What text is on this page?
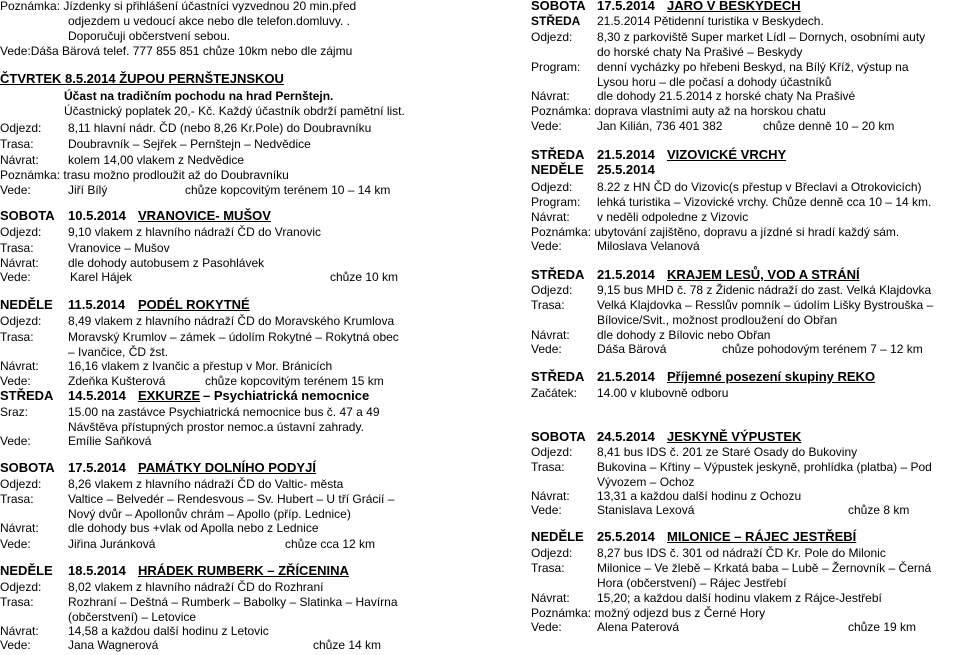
Poznámka: Jízdenky si přihlášení účastníci vyzvednou 20 min.před
odjezdem u vedoucí akce nebo dle telefon.domluvy. .
Doporučuji občerstvení sebou.
Vede:Dáša Bärová telef. 777 855 851 chůze 10km nebo dle zájmu
ČTVRTEK 8.5.2014 ŽUPOU PERNŠTEJNSKOU
Účast na tradičním pochodu na hrad Pernštejn.
Účastnický poplatek 20,- Kč. Každý účastník obdrží pamětní list.
Odjezd: 8,11 hlavní nádr. ČD (nebo 8,26 Kr.Pole) do Doubravníku
Trasa:	Doubravník – Sejřek – Pernštejn – Nedvědice
Návrat: kolem 14,00 vlakem z Nedvědice
Poznámka: trasu možno prodloužit až do Doubravníku
Vede:	Jiří Bílý	chůze kopcovitým terénem 10 – 14 km
SOBOTA 10.5.2014 VRANOVICE- MUŠOV
Odjezd: 9,10 vlakem z hlavního nádraží ČD do Vranovic
Trasa:	Vranovice – Mušov
Návrat: dle dohody autobusem z Pasohlávek
Vede:	Karel Hájek	chůze 10 km
NEDĚLE 11.5.2014 PODÉL ROKYTNÉ
Odjezd: 8,49 vlakem z hlavního nádraží ČD do Moravského Krumlova
Trasa:	Moravský Krumlov – zámek – údolím Rokytné – Rokytná obec
– Ivančice, ČD žst.
Návrat: 16,16 vlakem z Ivančic a přestup v Mor. Bránicích
Vede:	Zdeňka Kušterová	chůze kopcovitým terénem 15 km
STŘEDA 14.5.2014 EXKURZE – Psychiatrická nemocnice
Sraz:	15.00 na zastávce Psychiatrická nemocnice bus č. 47 a 49
Návštěva přístupných prostor nemoc.a ústavní zahrady.
Vede:	Emílie Saňková
SOBOTA 17.5.2014 PAMÁTKY DOLNÍHO PODYJÍ
Odjezd: 8,26 vlakem z hlavního nádraží ČD do Valtic- města
Trasa:	Valtice – Belvedér – Rendesvous – Sv. Hubert – U tří Grácií –
Nový dvůr – Apollonův chrám – Apollo (příp. Lednice)
Návrat: dle dohody bus +vlak od Apolla nebo z Lednice
Vede:	Jiřina Juránková	chůze cca 12 km
NEDĚLE 18.5.2014 HRÁDEK RUMBERK – ZŘÍCENINA
Odjezd: 8,02 vlakem z hlavního nádraží ČD do Rozhraní
Trasa:	Rozhraní – Deštná – Rumberk – Babolky – Slatinka – Havírna
(občerstvení) – Letovice
Návrat: 14,58 a každou další hodinu z Letovic
Vede:	Jana Wagnerová	chůze 14 km
SOBOTA 17.5.2014 JARO V BESKYDECH
STŘEDA 21.5.2014 Pětidenní turistika v Beskydech.
Odjezd: 8,30 z parkoviště Super market Lídl – Dornych, osobními auty
do horské chaty Na Prašivé – Beskydy
Program: denní vycházky po hřebeni Beskyd, na Bílý Kříž, výstup na
Lysou horu – dle počasí a dohody účastníků
Návrat: dle dohody 21.5.2014 z horské chaty Na Prašivé
Poznámka: doprava vlastními auty až na horskou chatu
Vede:	Jan Kilián, 736 401 382	chůze denně 10 – 20 km
STŘEDA 21.5.2014 VIZOVICKÉ VRCHY
NEDĚLE 25.5.2014
Odjezd: 8.22 z HN ČD do Vizovic(s přestup v Břeclavi a Otrokovicích)
Program: lehká turistika – Vizovické vrchy. Chůze denně cca 10 – 14 km.
Návrat: v neděli odpoledne z Vizovic
Poznámka: ubytování zajištěno, dopravu a jízdné si hradí každý sám.
Vede:	Miloslava Velanová
STŘEDA 21.5.2014 KRAJEM LESŮ, VOD A STRÁNÍ
Odjezd: 9,15 bus MHD č. 78 z Židenic nádraží do zast. Velká Klajdovka
Trasa:	Velká Klajdovka – Resslův pomník – údolím Lišky Bystrouška –
Bílovice/Svit., možnost prodloužení do Obřan
Návrat: dle dohody z Bílovic nebo Obřan
Vede:	Dáša Bärová	chůze pohodovým terénem 7 – 12 km
STŘEDA 21.5.2014 Příjemné posezení skupiny REKO
Začátek: 14.00 v klubovně odboru
SOBOTA 24.5.2014 JESKYNĚ VÝPUSTEK
Odjezd: 8,41 bus IDS č. 201 ze Staré Osady do Bukoviny
Trasa:	Bukovina – Křtiny – Výpustek jeskyně, prohlídka (platba) – Pod
Vývozem – Ochoz
Návrat: 13,31 a každou další hodinu z Ochozu
Vede:	Stanislava Lexová	chůze 8 km
NEDĚLE 25.5.2014 MILONICE – RÁJEC JESTŘEBÍ
Odjezd: 8,27 bus IDS č. 301 od nádraží ČD Kr. Pole do Milonic
Trasa:	Milonice – Ve žlebě – Krkatá baba – Lubě – Žernovník – Černá
Hora (občerstvení) – Rájec Jestřebí
Návrat: 15,20; a každou další hodinu vlakem z Rájce-Jestřebí
Poznámka: možný odjezd bus z Černé Hory
Vede:	Alena Paterová	chůze 19 km
